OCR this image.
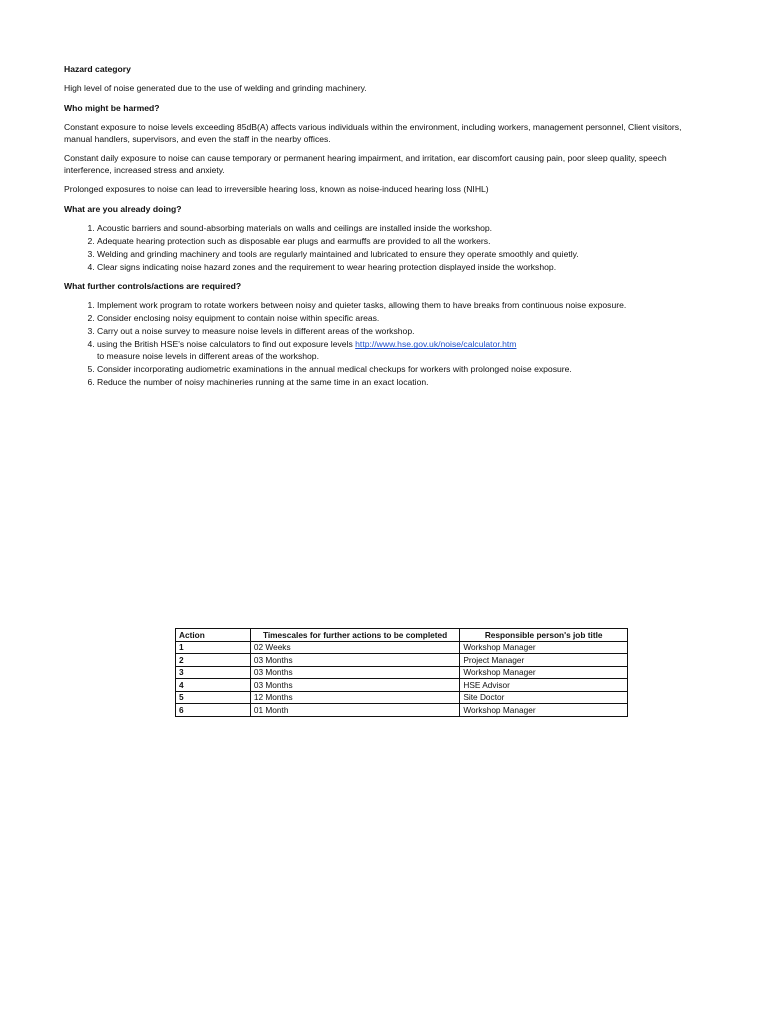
Hazard category

High level of noise generated due to the use of welding and grinding machinery.

Who might be harmed?

Constant exposure to noise levels exceeding 85dB(A) affects various individuals within the environment, including workers, management personnel, Client visitors, manual handlers, supervisors, and even the staff in the nearby offices.

Constant daily exposure to noise can cause temporary or permanent hearing impairment, and irritation, ear discomfort causing pain, poor sleep quality, speech interference, increased stress and anxiety.

Prolonged exposures to noise can lead to irreversible hearing loss, known as noise-induced hearing loss (NIHL)

What are you already doing?
1. Acoustic barriers and sound-absorbing materials on walls and ceilings are installed inside the workshop.
2. Adequate hearing protection such as disposable ear plugs and earmuffs are provided to all the workers.
3. Welding and grinding machinery and tools are regularly maintained and lubricated to ensure they operate smoothly and quietly.
4. Clear signs indicating noise hazard zones and the requirement to wear hearing protection displayed inside the workshop.
What further controls/actions are required?
1. Implement work program to rotate workers between noisy and quieter tasks, allowing them to have breaks from continuous noise exposure.
2. Consider enclosing noisy equipment to contain noise within specific areas.
3. Carry out a noise survey to measure noise levels in different areas of the workshop.
4. using the British HSE's noise calculators to find out exposure levels http://www.hse.gov.uk/noise/calculator.htm
to measure noise levels in different areas of the workshop.
5. Consider incorporating audiometric examinations in the annual medical checkups for workers with prolonged noise exposure.
6. Reduce the number of noisy machineries running at the same time in an exact location.
Action	Timescales for further actions to be completed	Responsible person's job title
1	02 Weeks	Workshop Manager
2	03 Months	Project Manager
3	03 Months	Workshop Manager
4	03 Months	HSE Advisor
5	12 Months	Site Doctor
6	01 Month	Workshop Manager
